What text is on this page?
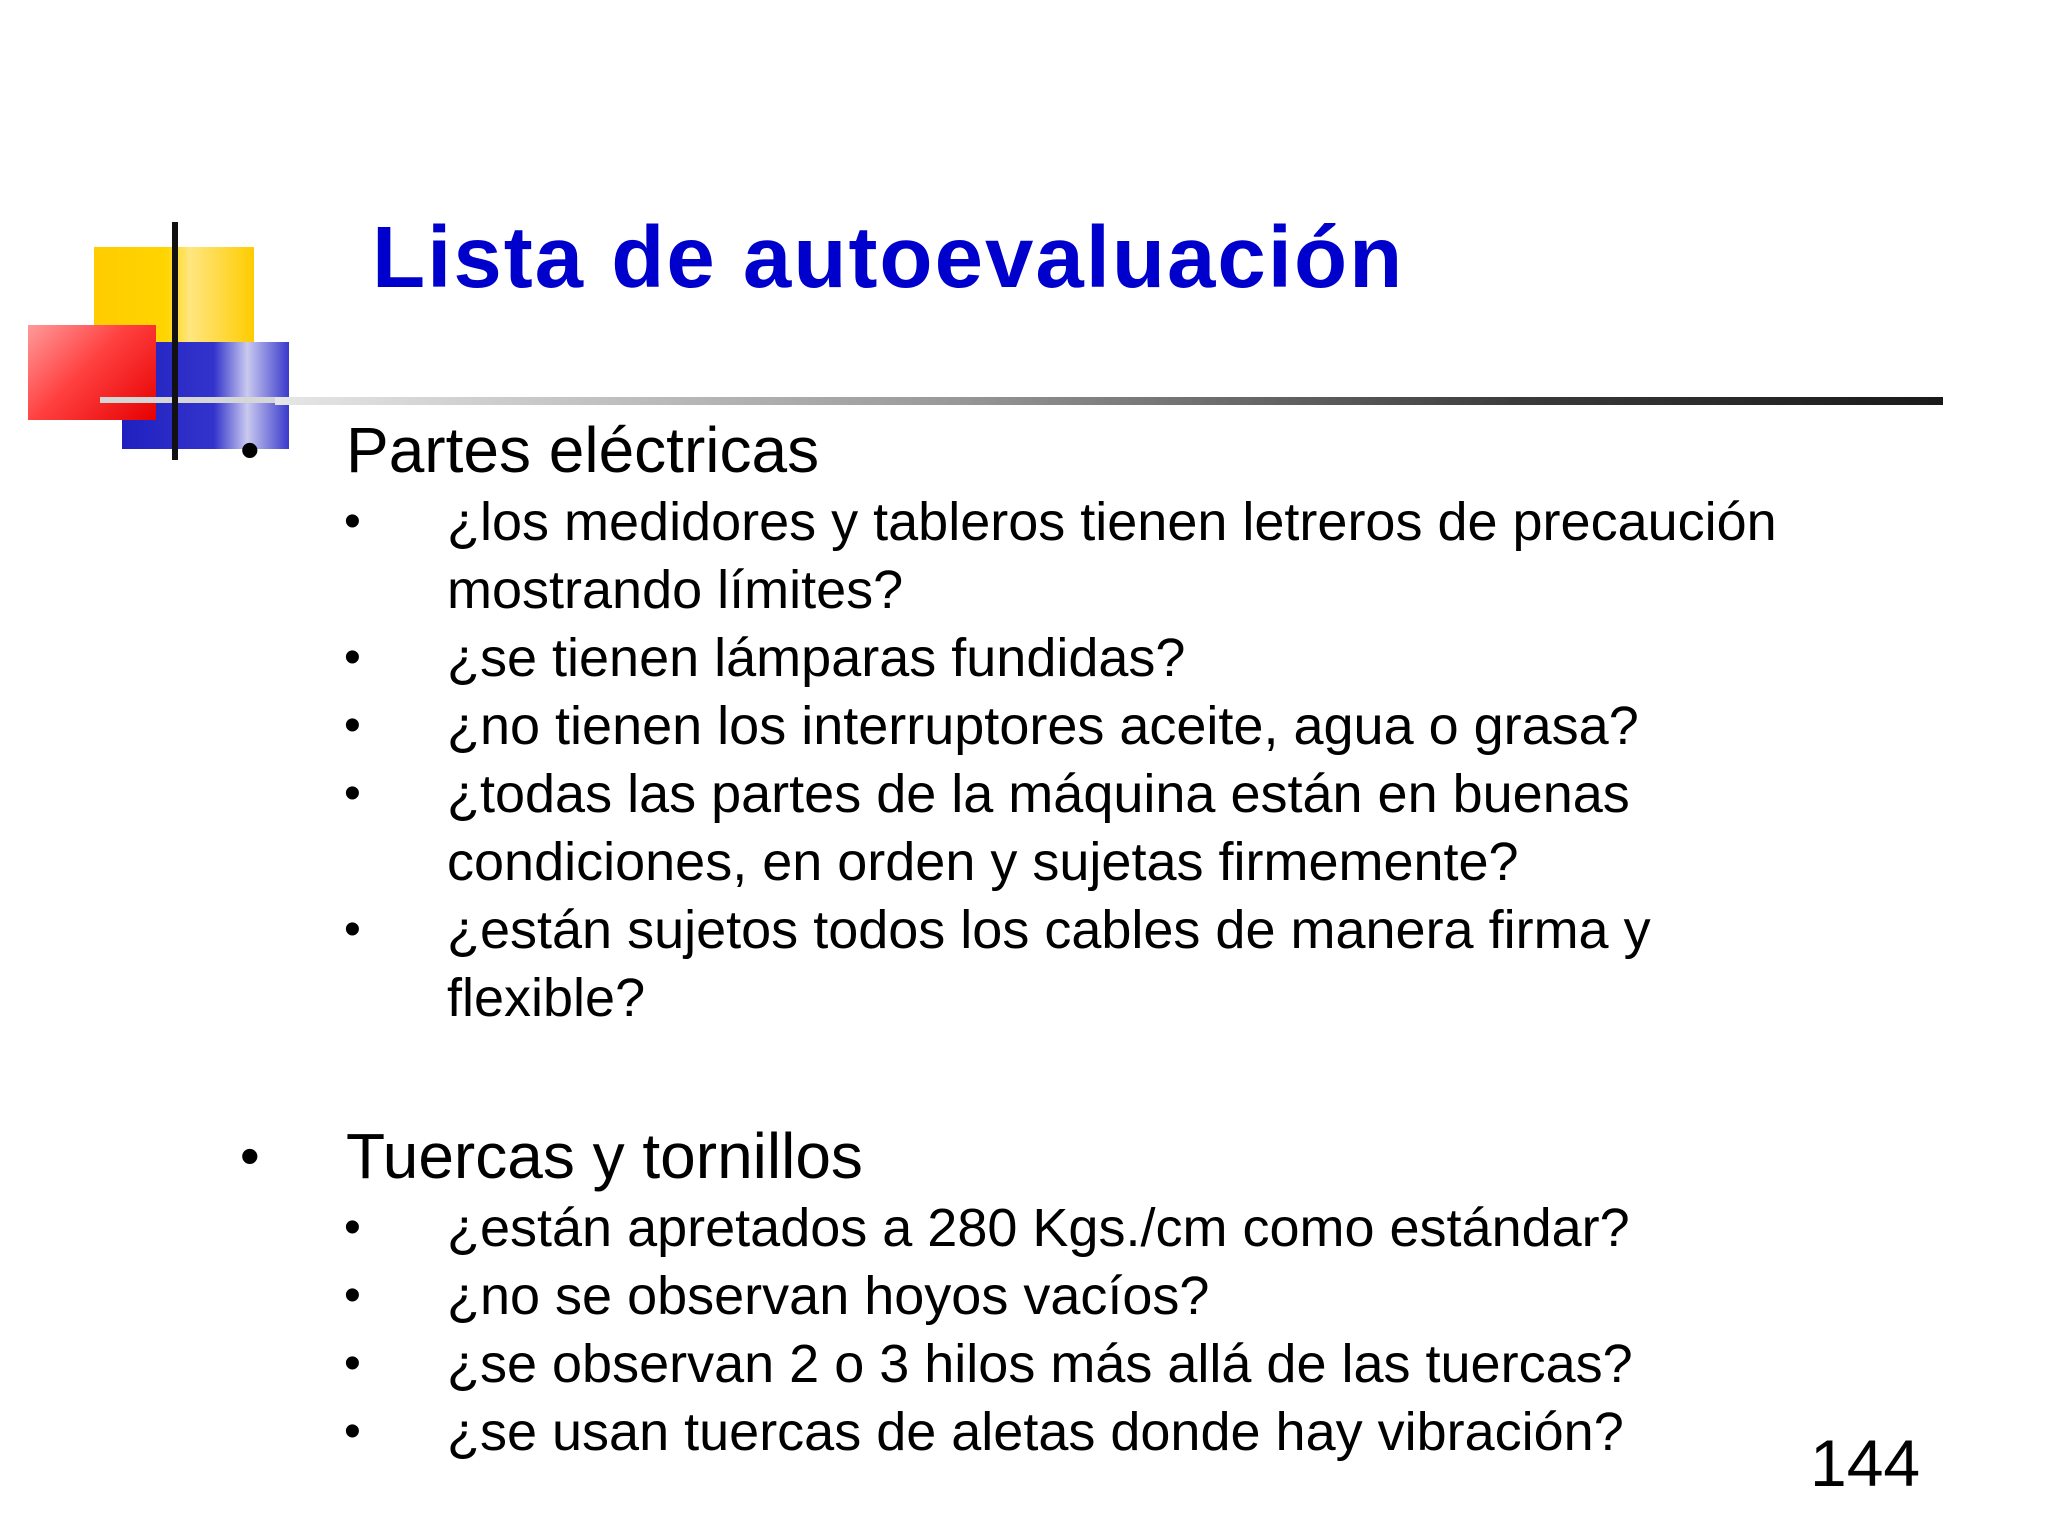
Lista de autoevaluación
• Partes eléctricas
• ¿los medidores y tableros tienen letreros de precaución mostrando límites?
• ¿se tienen lámparas fundidas?
• ¿no tienen los interruptores aceite, agua o grasa?
• ¿todas las partes de la máquina están en buenas condiciones, en orden y sujetas firmemente?
• ¿están sujetos todos los cables de manera firma y flexible?
• Tuercas y tornillos
• ¿están apretados a 280 Kgs./cm como estándar?
• ¿no se observan hoyos vacíos?
• ¿se observan 2 o 3 hilos más allá de las tuercas?
• ¿se usan tuercas de aletas donde hay vibración?	144
